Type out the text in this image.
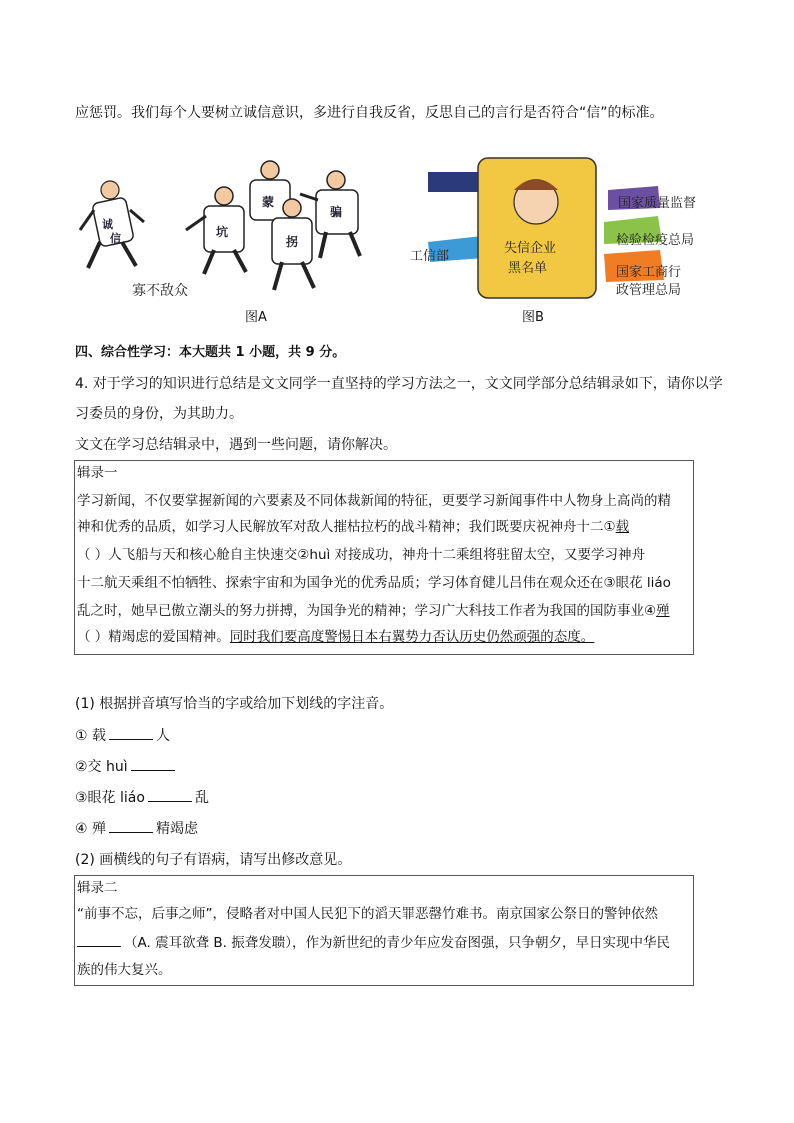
应惩罚。我们每个人要树立诚信意识，多进行自我反省，反思自己的言行是否符合“信”的标准。
诚
信	坑
蒙
拐
骗
寡不敌众
图A
失信企业
黑名单
工信部
国家质量监督
检验检疫总局
国家工商行
政管理总局
图B
四、综合性学习：本大题共 1 小题，共 9 分。
4. 对于学习的知识进行总结是文文同学一直坚持的学习方法之一，文文同学部分总结辑录如下，请你以学
习委员的身份，为其助力。
文文在学习总结辑录中，遇到一些问题，请你解决。
辑录一
学习新闻，不仅要掌握新闻的六要素及不同体裁新闻的特征，更要学习新闻事件中人物身上高尚的精
神和优秀的品质，如学习人民解放军对敌人摧枯拉朽的战斗精神；我们既要庆祝神舟十二①载
（ ）人飞船与天和核心舱自主快速交②huì 对接成功，神舟十二乘组将驻留太空，又要学习神舟
十二航天乘组不怕牺牲、探索宇宙和为国争光的优秀品质；学习体育健儿吕伟在观众还在③眼花 liáo
乱之时，她早已傲立潮头的努力拼搏，为国争光的精神；学习广大科技工作者为我国的国防事业④殚
（ ）精竭虑的爱国精神。同时我们要高度警惕日本右翼势力否认历史仍然顽强的态度。
(1) 根据拼音填写恰当的字或给加下划线的字注音。
① 载	人
②交 huì
③眼花 liáo	乱
④ 殚	精竭虑
(2) 画横线的句子有语病，请写出修改意见。
辑录二
“前事不忘，后事之师”，侵略者对中国人民犯下的滔天罪恶罄竹难书。南京国家公祭日的警钟依然
（A. 震耳欲聋 B. 振聋发聩），作为新世纪的青少年应发奋图强，只争朝夕，早日实现中华民
族的伟大复兴。
